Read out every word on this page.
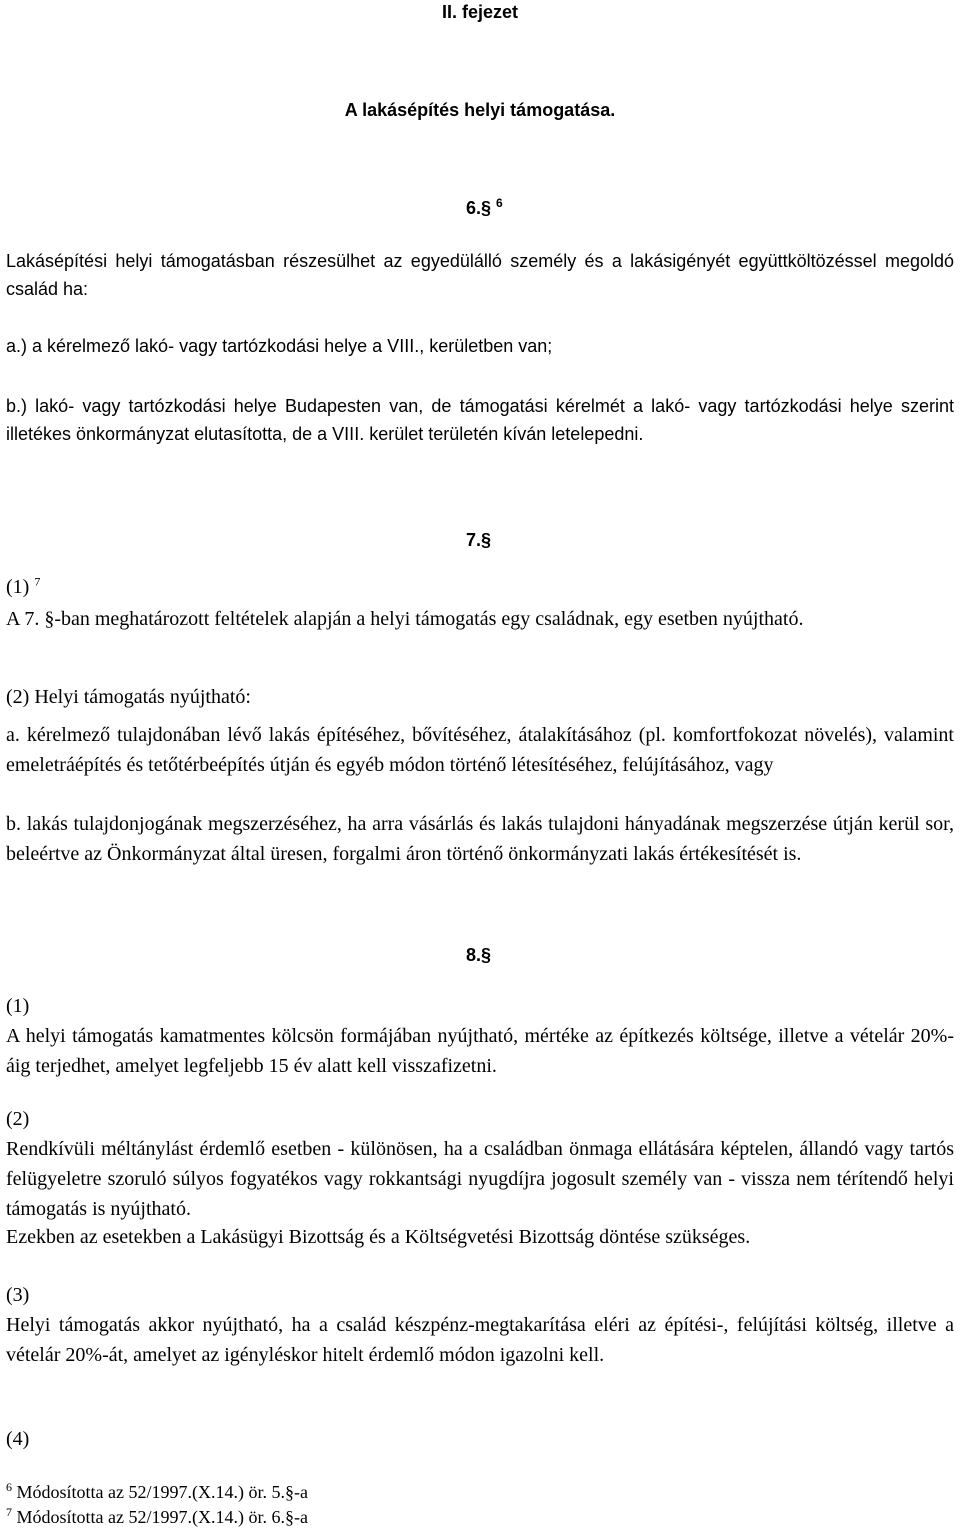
II. fejezet
A lakásépítés helyi támogatása.
6.§ $^6$
Lakásépítési helyi támogatásban részesülhet az egyedülálló személy és a lakásigényét együttköltözéssel megoldó család ha:
a.) a kérelmező lakó- vagy tartózkodási helye a VIII., kerületben van;
b.) lakó- vagy tartózkodási helye Budapesten van, de támogatási kérelmét a lakó- vagy tartózkodási helye szerint illetékes önkormányzat elutasította, de a VIII. kerület területén kíván letelepedni.
7.§
(1) $^7$
A 7. §-ban meghatározott feltételek alapján a helyi támogatás egy családnak, egy esetben nyújtható.
(2) Helyi támogatás nyújtható:
a. kérelmező tulajdonában lévő lakás építéséhez, bővítéséhez, átalakításához (pl. komfortfokozat növelés), valamint emeletráépítés és tetőtérbeépítés útján és egyéb módon történő létesítéséhez, felújításához, vagy
b. lakás tulajdonjogának megszerzéséhez, ha arra vásárlás és lakás tulajdoni hányadának megszerzése útján kerül sor, beleértve az Önkormányzat által üresen, forgalmi áron történő önkormányzati lakás értékesítését is.
8.§
(1)
A helyi támogatás kamatmentes kölcsön formájában nyújtható, mértéke az építkezés költsége, illetve a vételár 20%-áig terjedhet, amelyet legfeljebb 15 év alatt kell visszafizetni.
(2)
Rendkívüli méltánylást érdemlő esetben - különösen, ha a családban önmaga ellátására képtelen, állandó vagy tartós felügyeletre szoruló súlyos fogyatékos vagy rokkantsági nyugdíjra jogosult személy van - vissza nem térítendő helyi támogatás is nyújtható.
Ezekben az esetekben a Lakásügyi Bizottság és a Költségvetési Bizottság döntése szükséges.
(3)
Helyi támogatás akkor nyújtható, ha a család készpénz-megtakarítása eléri az építési-, felújítási költség, illetve a vételár 20%-át, amelyet az igényléskor hitelt érdemlő módon igazolni kell.
(4)
$^6$ Módosította az 52/1997.(X.14.) ör. 5.§-a
$^7$ Módosította az 52/1997.(X.14.) ör. 6.§-a
